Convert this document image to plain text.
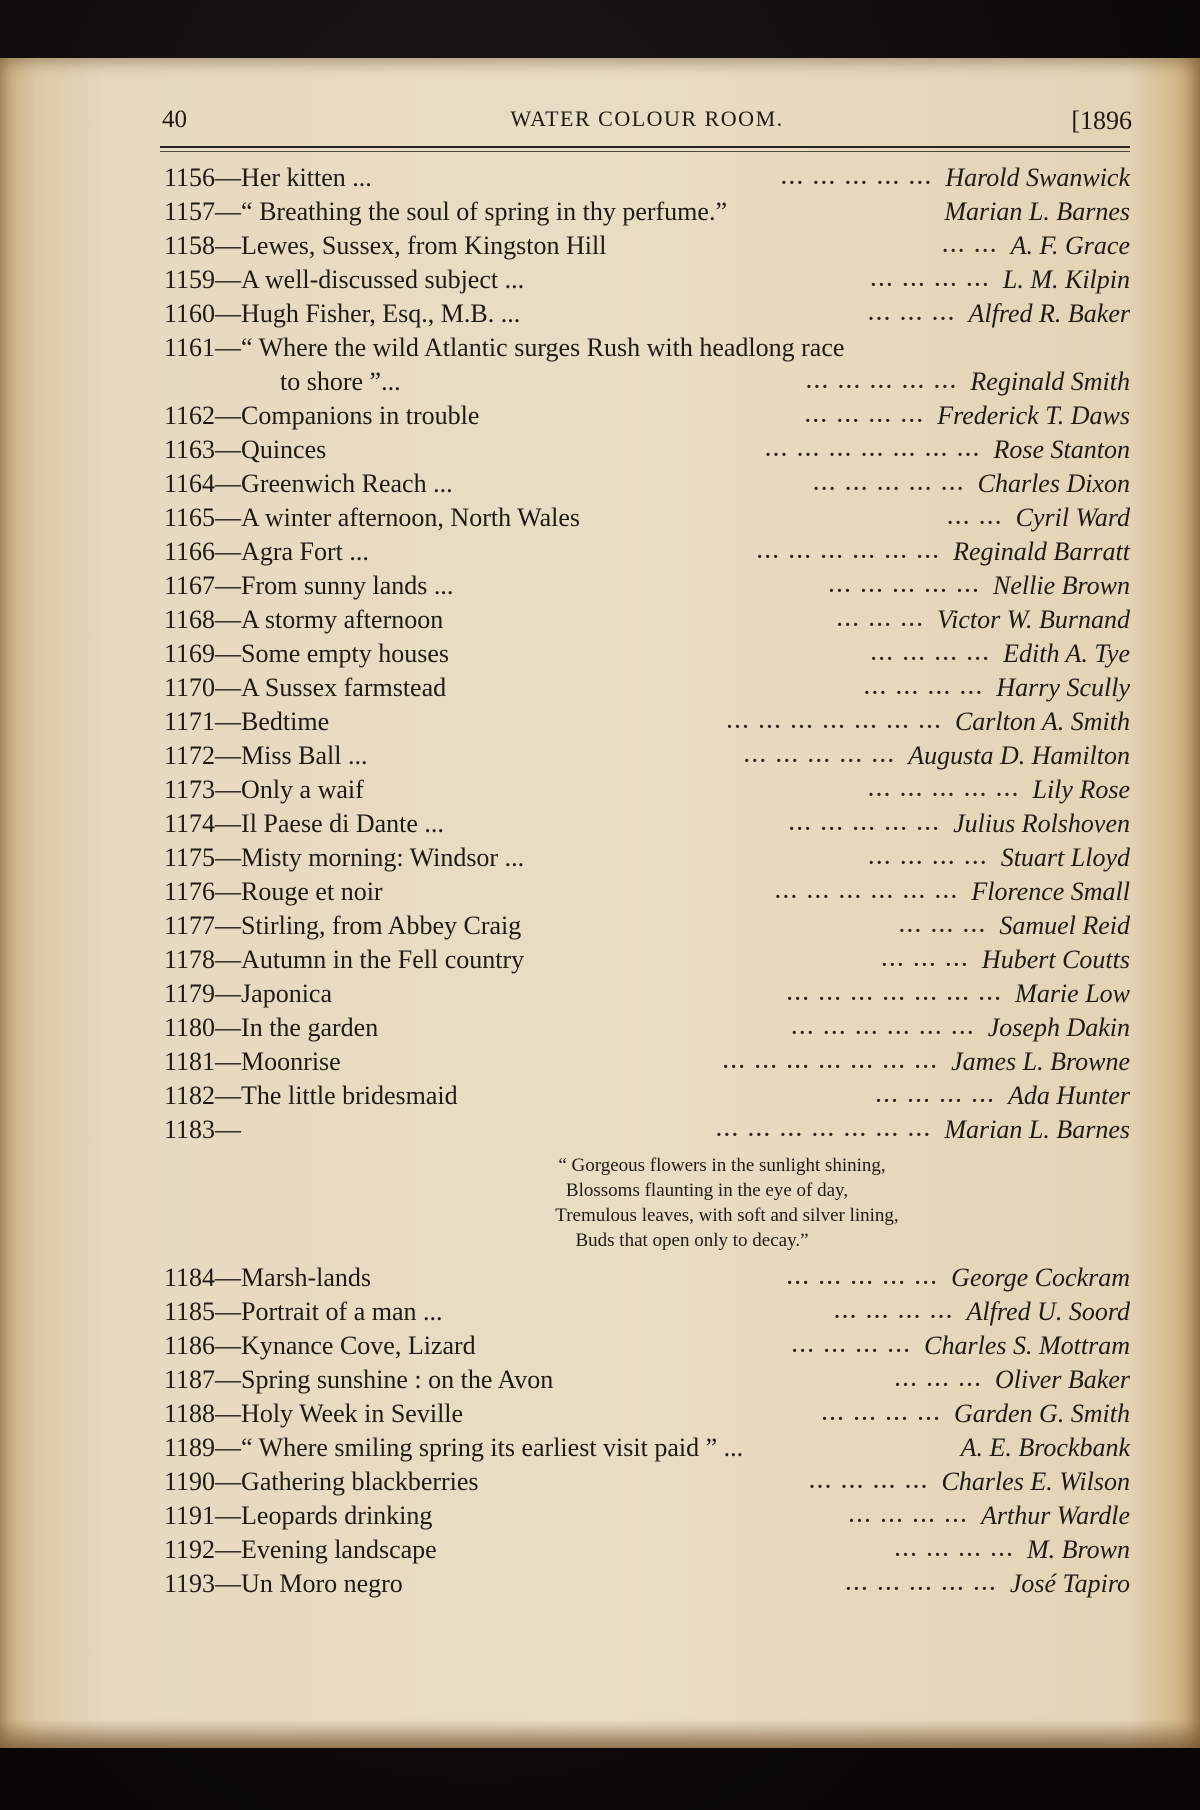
40	WATER COLOUR ROOM.	[1896
1156—Her kitten ...	... ... ... ... ... Harold Swanwick
1157—“ Breathing the soul of spring in thy perfume.”	Marian L. Barnes
1158—Lewes, Sussex, from Kingston Hill	... ... A. F. Grace
1159—A well-discussed subject ...	... ... ... ... L. M. Kilpin
1160—Hugh Fisher, Esq., M.B. ...	... ... ... Alfred R. Baker
1161—“ Where the wild Atlantic surges Rush with headlong race
to shore ”...	... ... ... ... ... Reginald Smith
1162—Companions in trouble	... ... ... ... Frederick T. Daws
1163—Quinces	... ... ... ... ... ... ... Rose Stanton
1164—Greenwich Reach ...	... ... ... ... ... Charles Dixon
1165—A winter afternoon, North Wales	... ... Cyril Ward
1166—Agra Fort ...	... ... ... ... ... ... Reginald Barratt
1167—From sunny lands ...	... ... ... ... ... Nellie Brown
1168—A stormy afternoon	... ... ... Victor W. Burnand
1169—Some empty houses	... ... ... ... Edith A. Tye
1170—A Sussex farmstead	... ... ... ... Harry Scully
1171—Bedtime	... ... ... ... ... ... ... Carlton A. Smith
1172—Miss Ball ...	... ... ... ... ... Augusta D. Hamilton
1173—Only a waif	... ... ... ... ... Lily Rose
1174—Il Paese di Dante ...	... ... ... ... ... Julius Rolshoven
1175—Misty morning: Windsor ...	... ... ... ... Stuart Lloyd
1176—Rouge et noir	... ... ... ... ... ... Florence Small
1177—Stirling, from Abbey Craig	... ... ... Samuel Reid
1178—Autumn in the Fell country	... ... ... Hubert Coutts
1179—Japonica	... ... ... ... ... ... ... Marie Low
1180—In the garden	... ... ... ... ... ... Joseph Dakin
1181—Moonrise	... ... ... ... ... ... ... James L. Browne
1182—The little bridesmaid	... ... ... ... Ada Hunter
1183—	... ... ... ... ... ... ... Marian L. Barnes
“ Gorgeous flowers in the sunlight shining,
Blossoms flaunting in the eye of day,
Tremulous leaves, with soft and silver lining,
Buds that open only to decay.”
1184—Marsh-lands	... ... ... ... ... George Cockram
1185—Portrait of a man ...	... ... ... ... Alfred U. Soord
1186—Kynance Cove, Lizard	... ... ... ... Charles S. Mottram
1187—Spring sunshine : on the Avon	... ... ... Oliver Baker
1188—Holy Week in Seville	... ... ... ... Garden G. Smith
1189—“ Where smiling spring its earliest visit paid ” ...	A. E. Brockbank
1190—Gathering blackberries	... ... ... ... Charles E. Wilson
1191—Leopards drinking	... ... ... ... Arthur Wardle
1192—Evening landscape	... ... ... ... M. Brown
1193—Un Moro negro	... ... ... ... ... José Tapiro
